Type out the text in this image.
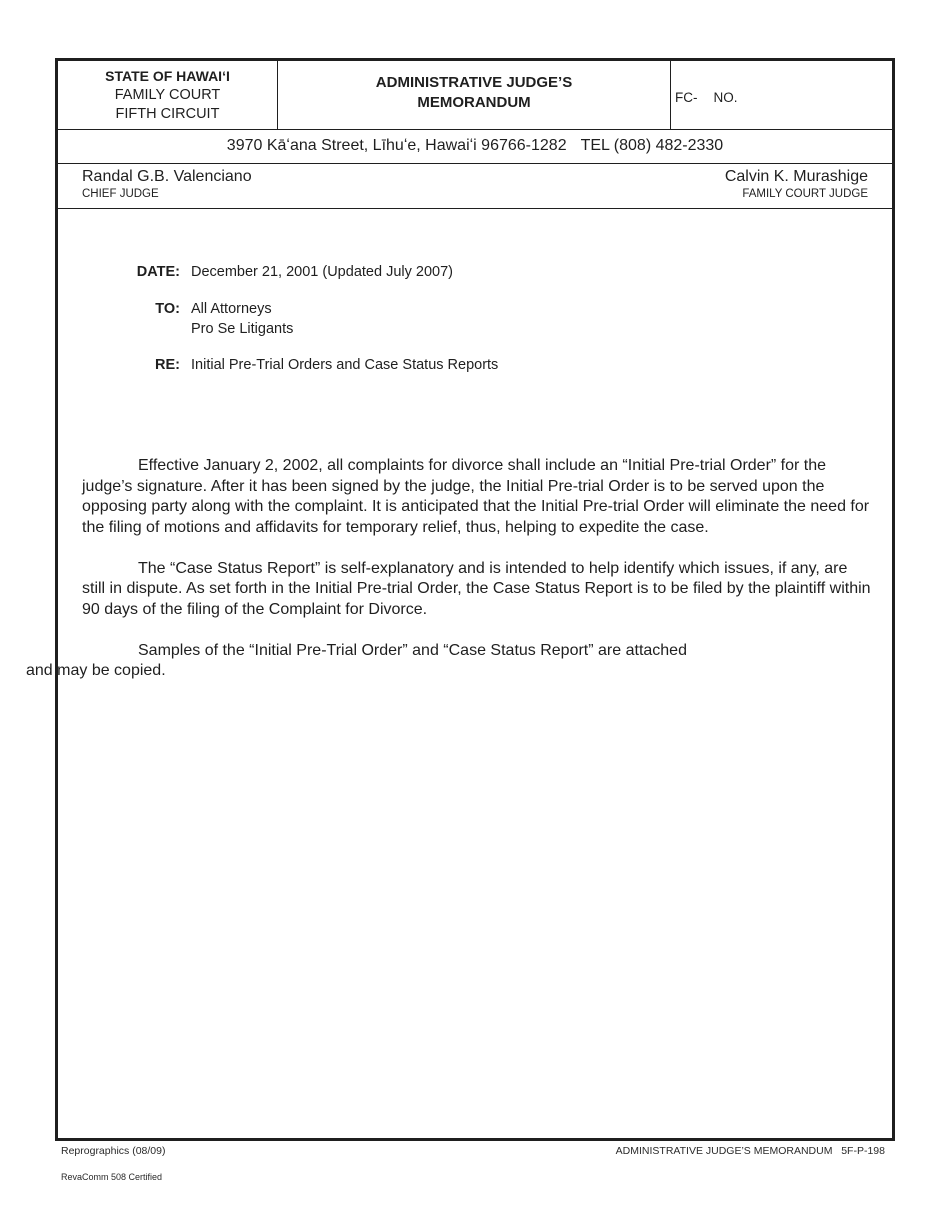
STATE OF HAWAIʻI
FAMILY COURT
FIFTH CIRCUIT
ADMINISTRATIVE JUDGE’S
MEMORANDUM	FC- NO.
3970 Kāʻana Street, Līhuʻe, Hawaiʻi 96766-1282 TEL (808) 482-2330
Randal G.B. Valenciano
CHIEF JUDGE
Calvin K. Murashige
FAMILY COURT JUDGE
DATE: December 21, 2001 (Updated July 2007)
TO: All Attorneys
Pro Se Litigants
RE: Initial Pre-Trial Orders and Case Status Reports

Effective January 2, 2002, all complaints for divorce shall include an “Initial Pre-trial Order” for the judge’s signature. After it has been signed by the judge, the Initial Pre-trial Order is to be served upon the opposing party along with the complaint. It is anticipated that the Initial Pre-trial Order will eliminate the need for the filing of motions and affidavits for temporary relief, thus, helping to expedite the case.

The “Case Status Report” is self-explanatory and is intended to help identify which issues, if any, are still in dispute. As set forth in the Initial Pre-trial Order, the Case Status Report is to be filed by the plaintiff within 90 days of the filing of the Complaint for Divorce.

Samples of the “Initial Pre-Trial Order” and “Case Status Report” are attached
and may be copied.

Reprographics (08/09)	ADMINISTRATIVE JUDGE’S MEMORANDUM   5F-P-198
RevaComm 508 Certified
